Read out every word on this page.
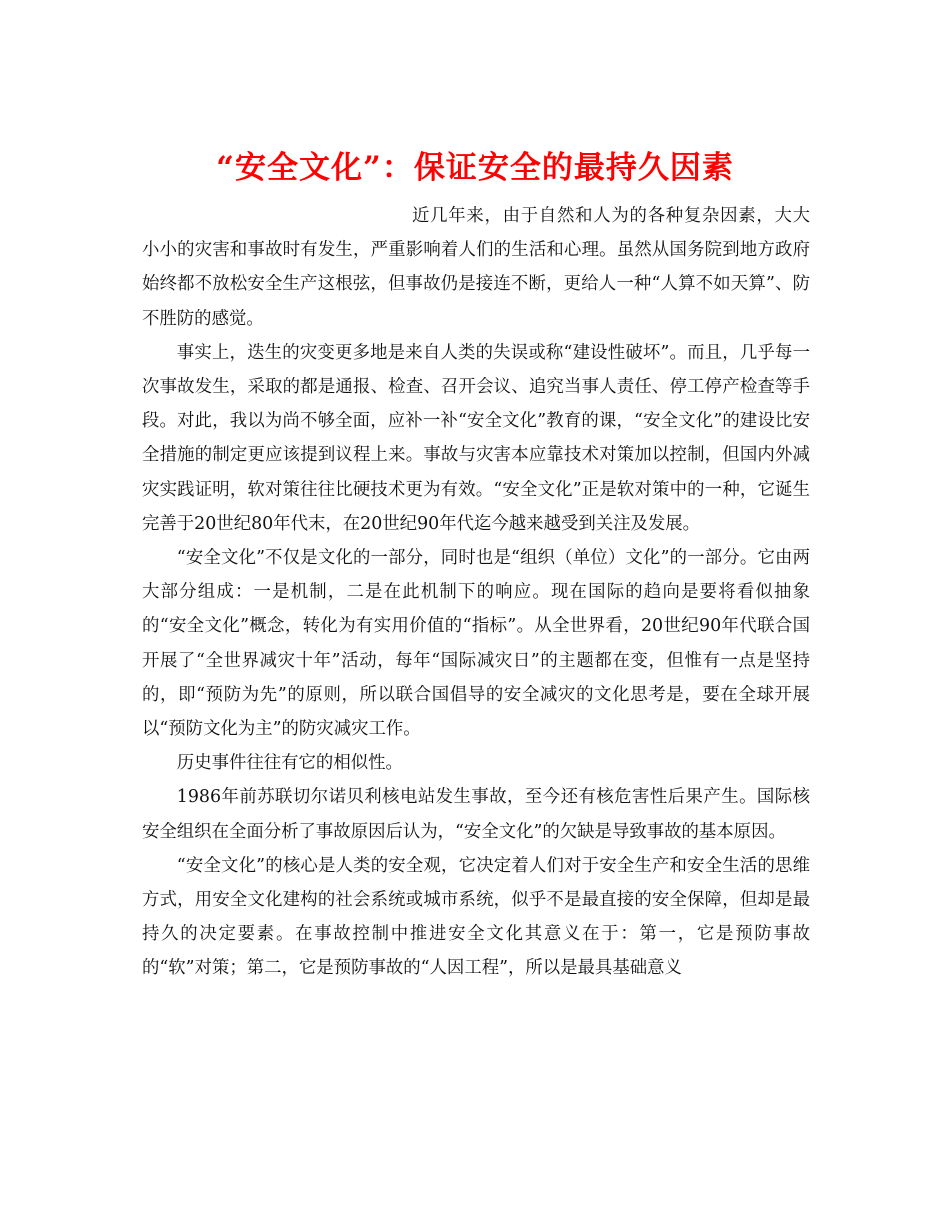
“安全文化”：保证安全的最持久因素

近几年来，由于自然和人为的各种复杂因素，大大小小的灾害和事故时有发生，严重影响着人们的生活和心理。虽然从国务院到地方政府始终都不放松安全生产这根弦，但事故仍是接连不断，更给人一种“人算不如天算”、防不胜防的感觉。

事实上，迭生的灾变更多地是来自人类的失误或称“建设性破坏”。而且，几乎每一次事故发生，采取的都是通报、检查、召开会议、追究当事人责任、停工停产检查等手段。对此，我以为尚不够全面，应补一补“安全文化”教育的课，“安全文化”的建设比安全措施的制定更应该提到议程上来。事故与灾害本应靠技术对策加以控制，但国内外减灾实践证明，软对策往往比硬技术更为有效。“安全文化”正是软对策中的一种，它诞生完善于20世纪80年代末，在20世纪90年代迄今越来越受到关注及发展。

“安全文化”不仅是文化的一部分，同时也是“组织（单位）文化”的一部分。它由两大部分组成：一是机制，二是在此机制下的响应。现在国际的趋向是要将看似抽象的“安全文化”概念，转化为有实用价值的“指标”。从全世界看，20世纪90年代联合国开展了“全世界减灾十年”活动，每年“国际减灾日”的主题都在变，但惟有一点是坚持的，即“预防为先”的原则，所以联合国倡导的安全减灾的文化思考是，要在全球开展以“预防文化为主”的防灾减灾工作。

历史事件往往有它的相似性。

1986年前苏联切尔诺贝利核电站发生事故，至今还有核危害性后果产生。国际核安全组织在全面分析了事故原因后认为，“安全文化”的欠缺是导致事故的基本原因。

“安全文化”的核心是人类的安全观，它决定着人们对于安全生产和安全生活的思维方式，用安全文化建构的社会系统或城市系统，似乎不是最直接的安全保障，但却是最持久的决定要素。在事故控制中推进安全文化其意义在于：第一，它是预防事故的“软”对策；第二，它是预防事故的“人因工程”，所以是最具基础意义
